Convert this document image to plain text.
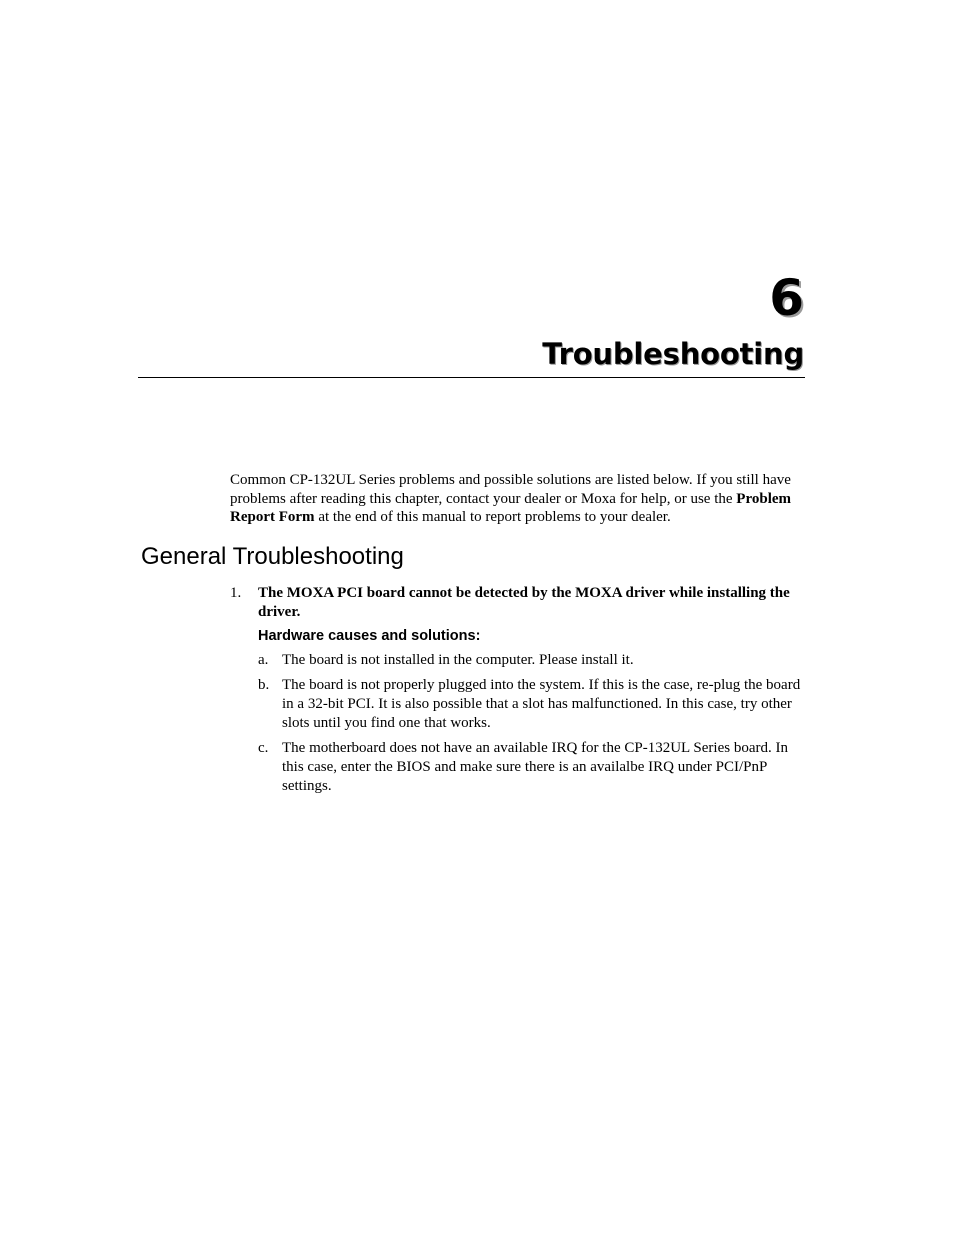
6
Troubleshooting

Common CP-132UL Series problems and possible solutions are listed below. If you still have problems after reading this chapter, contact your dealer or Moxa for help, or use the Problem Report Form at the end of this manual to report problems to your dealer.

General Troubleshooting
1. The MOXA PCI board cannot be detected by the MOXA driver while installing the driver.
Hardware causes and solutions:
a. The board is not installed in the computer. Please install it.
b. The board is not properly plugged into the system. If this is the case, re-plug the board in a 32-bit PCI. It is also possible that a slot has malfunctioned. In this case, try other slots until you find one that works.
c. The motherboard does not have an available IRQ for the CP-132UL Series board. In this case, enter the BIOS and make sure there is an availalbe IRQ under PCI/PnP settings.
